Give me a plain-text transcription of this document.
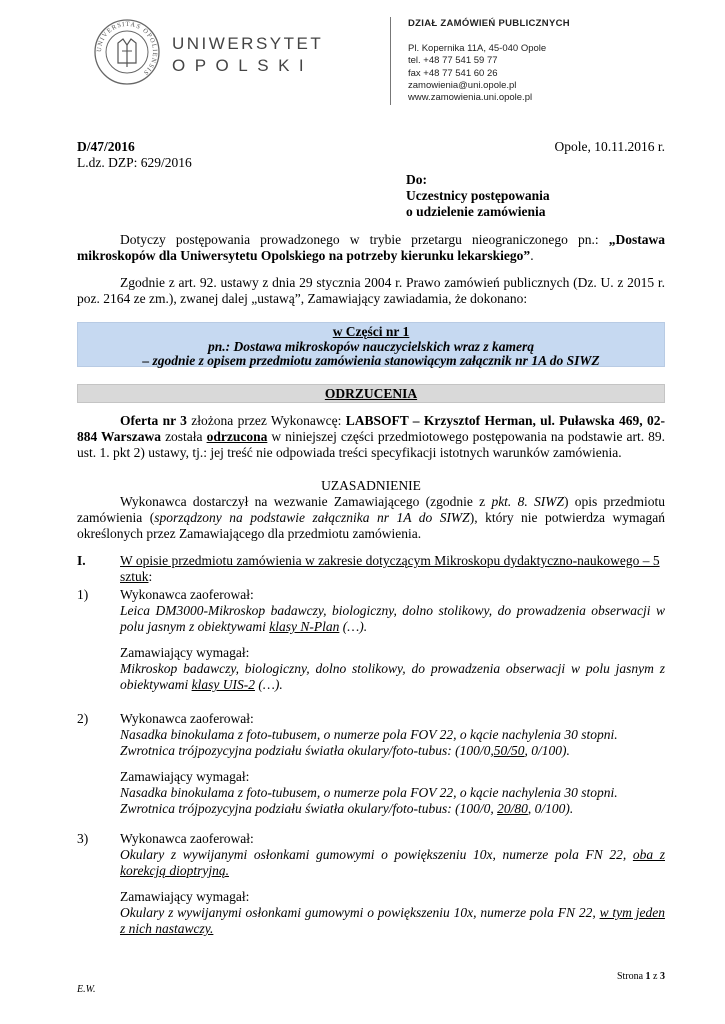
UNIVERSITAS OPOLIENSIS
UNIWERSYTET
OPOLSKI
DZIAŁ ZAMÓWIEŃ PUBLICZNYCH
Pl. Kopernika 11A, 45-040 Opole
tel. +48 77 541 59 77
fax +48 77 541 60 26
zamowienia@uni.opole.pl
www.zamowienia.uni.opole.pl
D/47/2016
L.dz. DZP: 629/2016
Opole, 10.11.2016 r.
Do:
Uczestnicy postępowania
o udzielenie zamówienia
Dotyczy postępowania prowadzonego w trybie przetargu nieograniczonego pn.: „Dostawa mikroskopów dla Uniwersytetu Opolskiego na potrzeby kierunku lekarskiego”.
Zgodnie z art. 92. ustawy z dnia 29 stycznia 2004 r. Prawo zamówień publicznych (Dz. U. z 2015 r. poz. 2164 ze zm.), zwanej dalej „ustawą”, Zamawiający zawiadamia, że dokonano:
w Części nr 1
pn.: Dostawa mikroskopów nauczycielskich wraz z kamerą
– zgodnie z opisem przedmiotu zamówienia stanowiącym załącznik nr 1A do SIWZ
ODRZUCENIA
Oferta nr 3 złożona przez Wykonawcę: LABSOFT – Krzysztof Herman, ul. Puławska 469, 02-884 Warszawa została odrzucona w niniejszej części przedmiotowego postępowania na podstawie art. 89. ust. 1. pkt 2) ustawy, tj.: jej treść nie odpowiada treści specyfikacji istotnych warunków zamówienia.
UZASADNIENIE
Wykonawca dostarczył na wezwanie Zamawiającego (zgodnie z pkt. 8. SIWZ) opis przedmiotu zamówienia (sporządzony na podstawie załącznika nr 1A do SIWZ), który nie potwierdza wymagań określonych przez Zamawiającego dla przedmiotu zamówienia.
I.	W opisie przedmiotu zamówienia w zakresie dotyczącym Mikroskopu dydaktyczno-naukowego – 5 sztuk:
1) Wykonawca zaoferował:
Leica DM3000-Mikroskop badawczy, biologiczny, dolno stolikowy, do prowadzenia obserwacji w polu jasnym z obiektywami klasy N-Plan (…).
Zamawiający wymagał:
Mikroskop badawczy, biologiczny, dolno stolikowy, do prowadzenia obserwacji w polu jasnym z obiektywami klasy UIS-2 (…).
2) Wykonawca zaoferował:
Nasadka binokulama z foto-tubusem, o numerze pola FOV 22, o kącie nachylenia 30 stopni.
Zwrotnica trójpozycyjna podziału światła okulary/foto-tubus: (100/0,50/50, 0/100).
Zamawiający wymagał:
Nasadka binokulama z foto-tubusem, o numerze pola FOV 22, o kącie nachylenia 30 stopni.
Zwrotnica trójpozycyjna podziału światła okulary/foto-tubus: (100/0, 20/80, 0/100).
3) Wykonawca zaoferował:
Okulary z wywijanymi osłonkami gumowymi o powiększeniu 10x, numerze pola FN 22, oba z korekcją dioptryjną.
Zamawiający wymagał:
Okulary z wywijanymi osłonkami gumowymi o powiększeniu 10x, numerze pola FN 22, w tym jeden z nich nastawczy.
Strona 1 z 3
E.W.
